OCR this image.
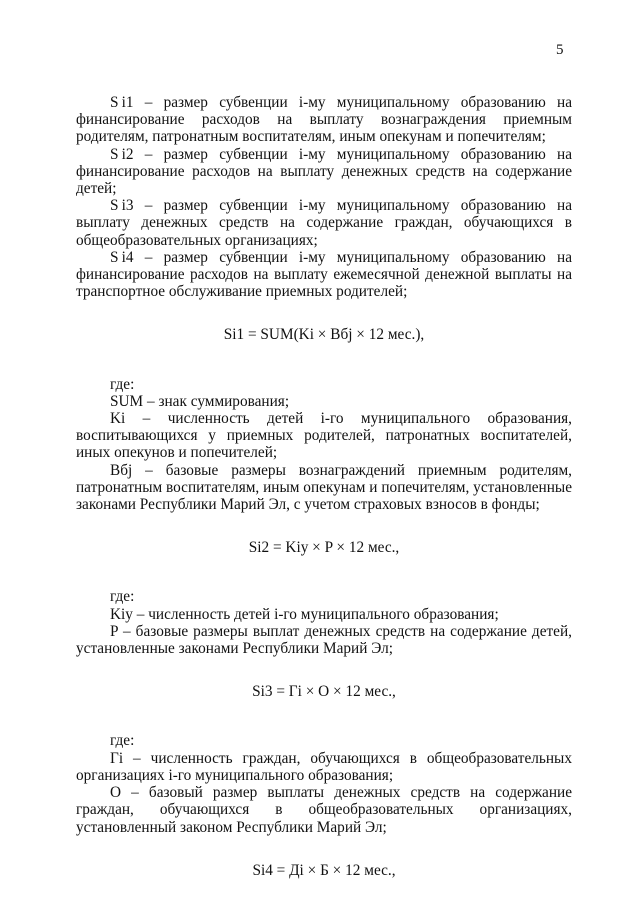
5

S i1 – размер субвенции i-му муниципальному образованию на финансирование расходов на выплату вознаграждения приемным родителям, патронатным воспитателям, иным опекунам и попечителям;

S i2 – размер субвенции i-му муниципальному образованию на финансирование расходов на выплату денежных средств на содержание детей;

S i3 – размер субвенции i-му муниципальному образованию на выплату денежных средств на содержание граждан, обучающихся в общеобразовательных организациях;

S i4 – размер субвенции i-му муниципальному образованию на финансирование расходов на выплату ежемесячной денежной выплаты на транспортное обслуживание приемных родителей;

Si1 = SUM(Ki × Bбj × 12 мес.),

где:

SUM – знак суммирования;

Ki – численность детей i-го муниципального образования, воспитывающихся у приемных родителей, патронатных воспитателей, иных опекунов и попечителей;

Bбj – базовые размеры вознаграждений приемным родителям, патронатным воспитателям, иным опекунам и попечителям, установленные законами Республики Марий Эл, с учетом страховых взносов в фонды;

Si2 = Kiy × P × 12 мес.,

где:

Kiy – численность детей i-го муниципального образования;

P – базовые размеры выплат денежных средств на содержание детей, установленные законами Республики Марий Эл;

Si3 = Гi × O × 12 мес.,

где:

Гi – численность граждан, обучающихся в общеобразовательных организациях i-го муниципального образования;

O – базовый размер выплаты денежных средств на содержание граждан, обучающихся в общеобразовательных организациях, установленный законом Республики Марий Эл;

Si4 = Дi × Б × 12 мес.,
